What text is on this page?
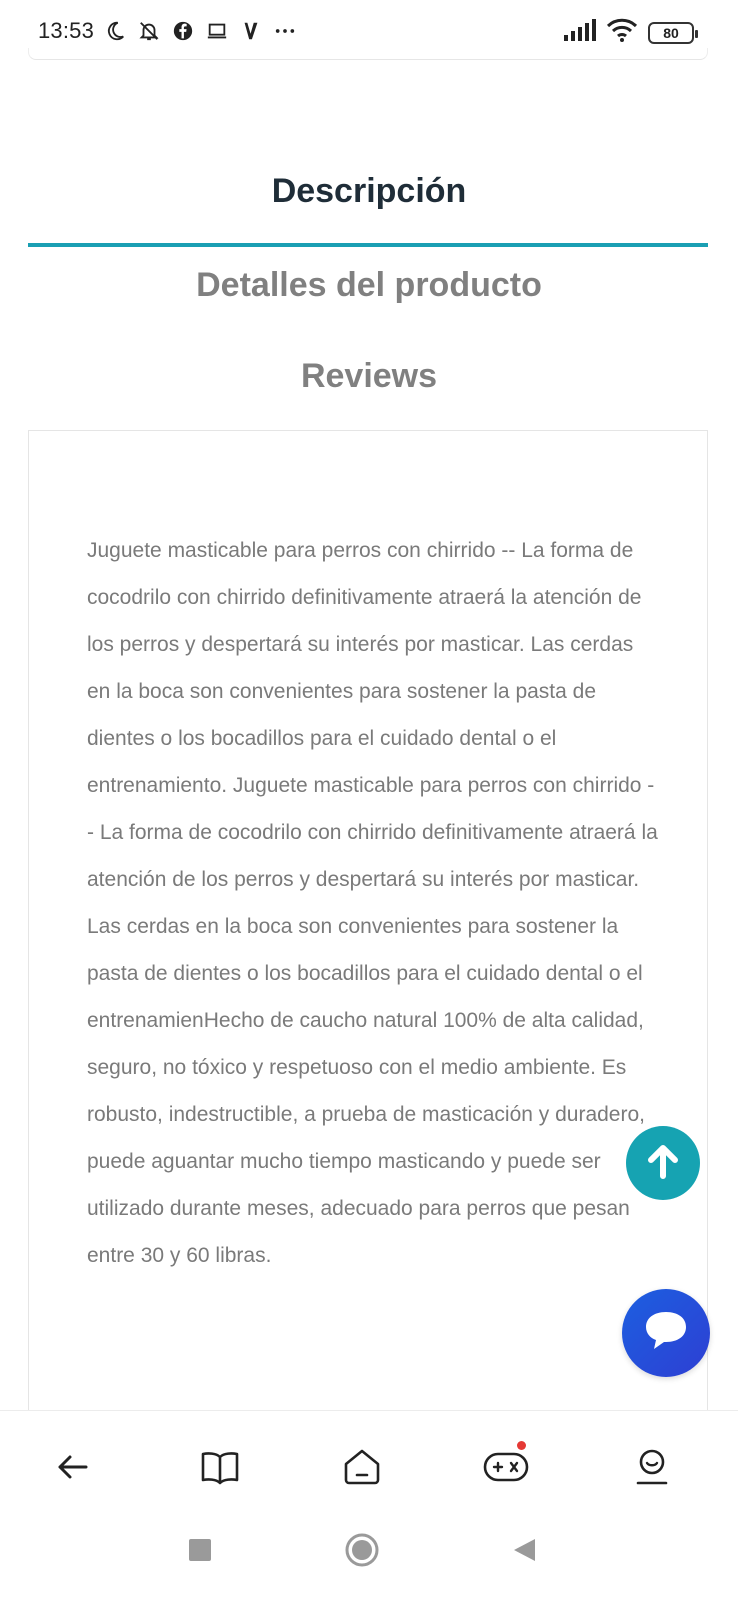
13:53	80
Descripción
Detalles del producto
Reviews

Juguete masticable para perros con chirrido -- La forma de cocodrilo con chirrido definitivamente atraerá la atención de los perros y despertará su interés por masticar. Las cerdas en la boca son convenientes para sostener la pasta de dientes o los bocadillos para el cuidado dental o el entrenamiento. Juguete masticable para perros con chirrido -- La forma de cocodrilo con chirrido definitivamente atraerá la atención de los perros y despertará su interés por masticar. Las cerdas en la boca son convenientes para sostener la pasta de dientes o los bocadillos para el cuidado dental o el entrenamienHecho de caucho natural 100% de alta calidad, seguro, no tóxico y respetuoso con el medio ambiente. Es robusto, indestructible, a prueba de masticación y duradero, puede aguantar mucho tiempo masticando y puede ser utilizado durante meses, adecuado para perros que pesan entre 30 y 60 libras.
